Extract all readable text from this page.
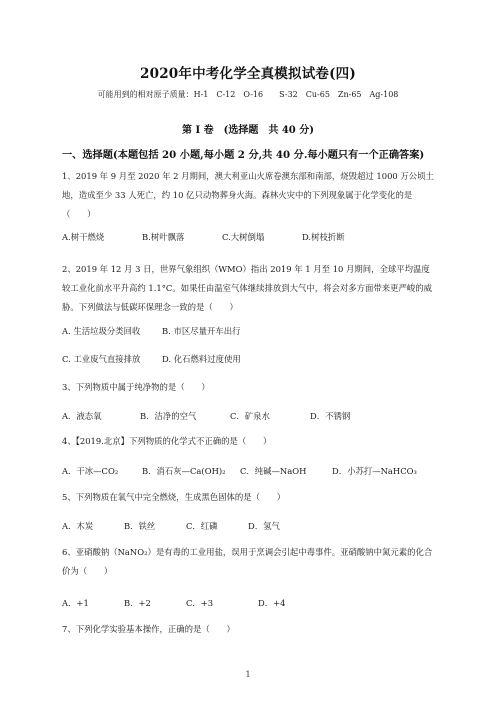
2020年中考化学全真模拟试卷(四)
可能用到的相对原子质量：H-1　C-12　O-16　　S-32　Cu-65　Zn-65　Ag-108
第 Ⅰ 卷　(选择题　共 40 分)
一、选择题(本题包括 20 小题,每小题 2 分,共 40 分.每小题只有一个正确答案)
1、2019 年 9 月至 2020 年 2 月期间，澳大利亚山火席卷澳东部和南部，烧毁超过 1000 万公顷土地，造成至少 33 人死亡，约 10 亿只动物葬身火海。森林火灾中的下列现象属于化学变化的是（　　）
A.树干燃烧	B.树叶飘落	C.大树倒塌	D.树枝折断
2、2019 年 12 月 3 日，世界气象组织（WMO）指出 2019 年 1 月至 10 月期间，全球平均温度较工业化前水平升高约 1.1°C。如果任由温室气体继续排放到大气中，将会对多方面带来更严峻的威胁。下列做法与低碳环保理念一致的是（　　）
A. 生活垃圾分类回收	B. 市区尽量开车出行
C. 工业废气直接排放	D. 化石燃料过度使用
3、下列物质中属于纯净物的是（　　）
A．液态氧	B．洁净的空气	C．矿泉水	D．不锈钢
4、【2019.北京】下列物质的化学式不正确的是（　　）
A．干冰—CO₂	B．消石灰—Ca(OH)₂ C．纯碱—NaOH	D．小苏打—NaHCO₃
5、下列物质在氧气中完全燃烧，生成黑色固体的是（　　）
A．木炭	B．铁丝	C．红磷	D．氢气
6、亚硝酸钠（NaNO₂）是有毒的工业用盐，误用于烹调会引起中毒事件。亚硝酸钠中氮元素的化合价为（　　）
A．+1	B．+2	C．+3	D．+4
7、下列化学实验基本操作，正确的是（　　）
1
